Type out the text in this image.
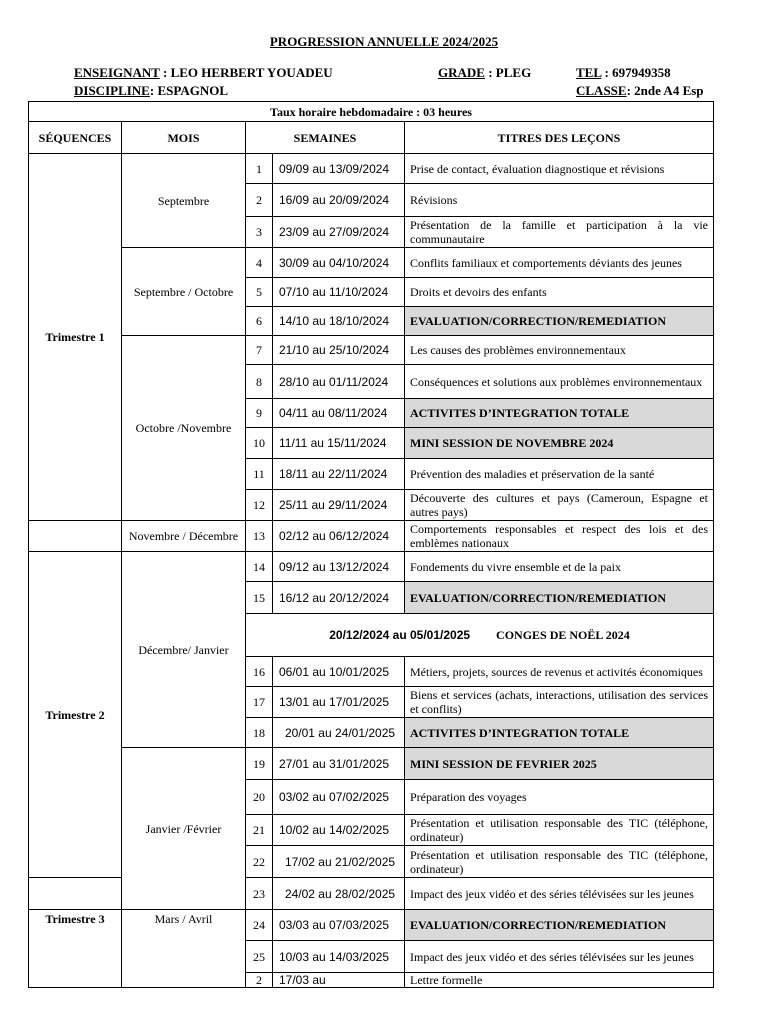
PROGRESSION ANNUELLE 2024/2025
ENSEIGNANT : LEO HERBERT YOUADEU	GRADE : PLEG	TEL : 697949358
DISCIPLINE: ESPAGNOL	CLASSE: 2nde A4 Esp
Taux horaire hebdomadaire : 03 heures				
SÉQUENCES	MOIS	SEMAINES		TITRES DES LEÇONS
Trimestre 1	Septembre	1	09/09 au 13/09/2024	Prise de contact, évaluation diagnostique et révisions
		2	16/09 au 20/09/2024	Révisions
		3	23/09 au 27/09/2024	Présentation de la famille et participation à la vie communautaire
	Septembre / Octobre	4	30/09 au 04/10/2024	Conflits familiaux et comportements déviants des jeunes
		5	07/10 au 11/10/2024	Droits et devoirs des enfants
		6	14/10 au 18/10/2024	EVALUATION/CORRECTION/REMEDIATION
	Octobre /Novembre	7	21/10 au 25/10/2024	Les causes des problèmes environnementaux
		8	28/10 au 01/11/2024	Conséquences et solutions aux problèmes environnementaux
		9	04/11 au 08/11/2024	ACTIVITES D’INTEGRATION TOTALE
		10	11/11 au 15/11/2024	MINI SESSION DE NOVEMBRE 2024
		11	18/11 au 22/11/2024	Prévention des maladies et préservation de la santé
		12	25/11 au 29/11/2024	Découverte des cultures et pays (Cameroun, Espagne et autres pays)
	Novembre / Décembre	13	02/12 au 06/12/2024	Comportements responsables et respect des lois et des emblèmes nationaux
Trimestre 2	Décembre/ Janvier	14	09/12 au 13/12/2024	Fondements du vivre ensemble et de la paix
		15	16/12 au 20/12/2024	EVALUATION/CORRECTION/REMEDIATION
		20/12/2024 au 05/01/2025 CONGES DE NOËL 2024		
		16	06/01 au 10/01/2025	Métiers, projets, sources de revenus et activités économiques
		17	13/01 au 17/01/2025	Biens et services (achats, interactions, utilisation des services et conflits)
		18	20/01 au 24/01/2025	ACTIVITES D’INTEGRATION TOTALE
	Janvier /Février	19	27/01 au 31/01/2025	MINI SESSION DE FEVRIER 2025
		20	03/02 au 07/02/2025	Préparation des voyages
		21	10/02 au 14/02/2025	Présentation et utilisation responsable des TIC (téléphone, ordinateur)
		22	17/02 au 21/02/2025	Présentation et utilisation responsable des TIC (téléphone, ordinateur)
		23	24/02 au 28/02/2025	Impact des jeux vidéo et des séries télévisées sur les jeunes
Trimestre 3	Mars / Avril	24	03/03 au 07/03/2025	EVALUATION/CORRECTION/REMEDIATION
		25	10/03 au 14/03/2025	Impact des jeux vidéo et des séries télévisées sur les jeunes
		2	17/03 au	Lettre formelle
